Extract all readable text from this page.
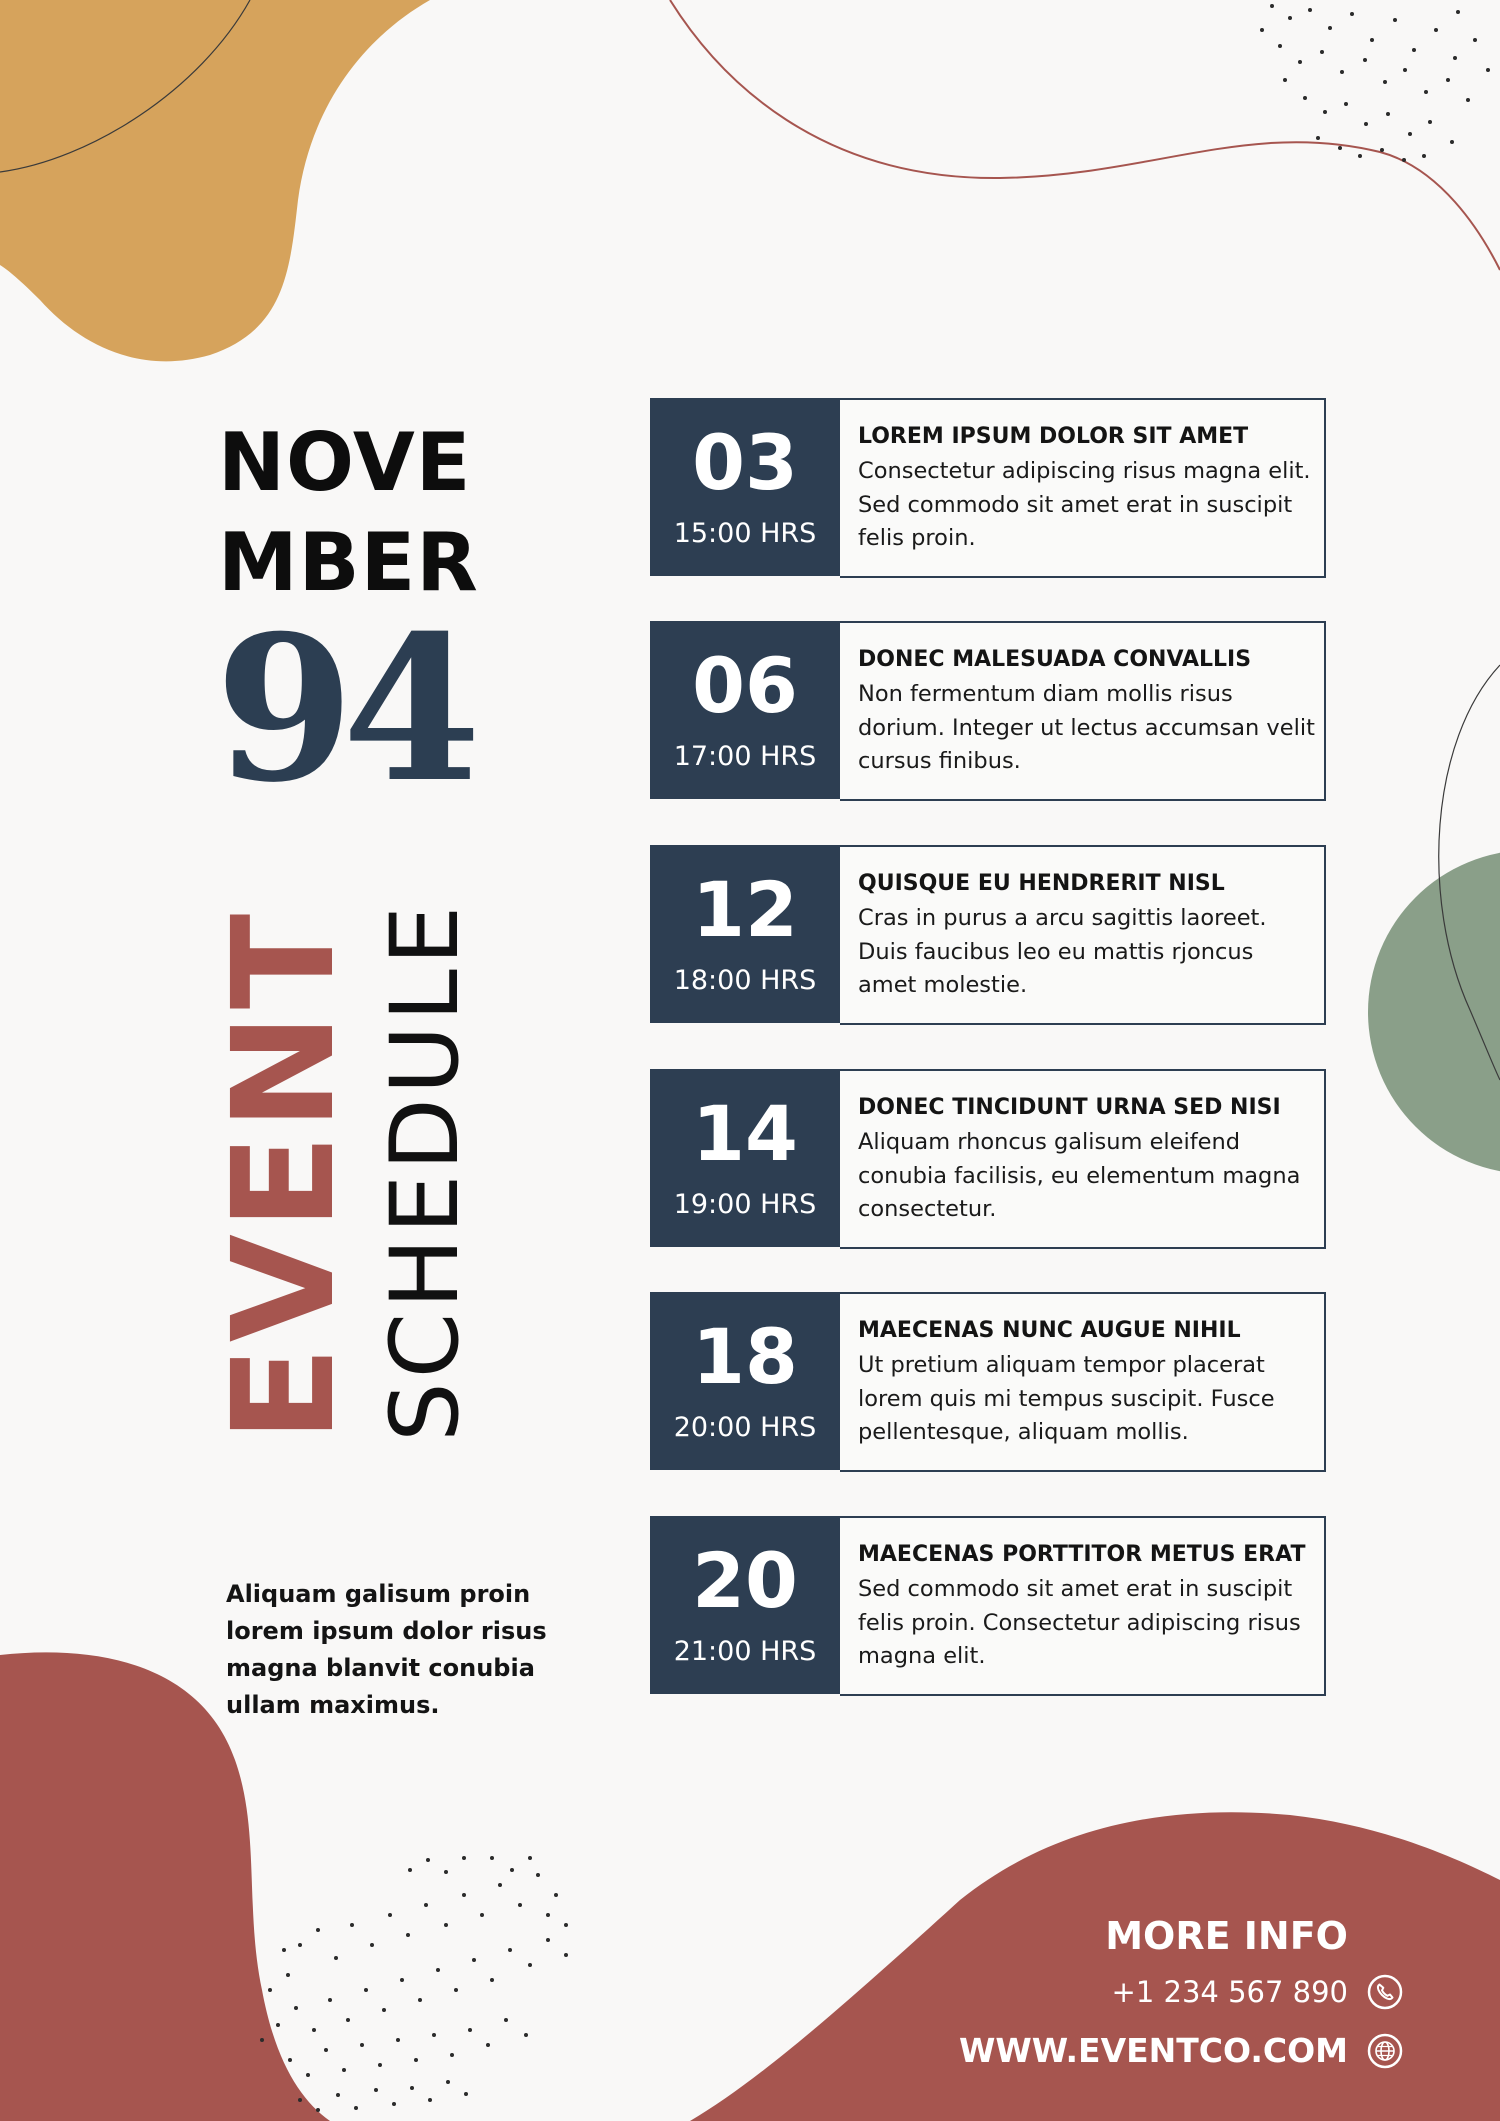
NOVE
MBER
94
EVENT SCHEDULE
Aliquam galisum proin lorem ipsum dolor risus magna blanvit conubia ullam maximus.
03
15:00 HRS
LOREM IPSUM DOLOR SIT AMET
Consectetur adipiscing risus magna elit. Sed commodo sit amet erat in suscipit felis proin.
06
17:00 HRS
DONEC MALESUADA CONVALLIS
Non fermentum diam mollis risus dorium. Integer ut lectus accumsan velit cursus finibus.
12
18:00 HRS
QUISQUE EU HENDRERIT NISL
Cras in purus a arcu sagittis laoreet. Duis faucibus leo eu mattis rjoncus amet molestie.
14
19:00 HRS
DONEC TINCIDUNT URNA SED NISI
Aliquam rhoncus galisum eleifend conubia facilisis, eu elementum magna consectetur.
18
20:00 HRS
MAECENAS NUNC AUGUE NIHIL
Ut pretium aliquam tempor placerat lorem quis mi tempus suscipit. Fusce pellentesque, aliquam mollis.
20
21:00 HRS
MAECENAS PORTTITOR METUS ERAT
Sed commodo sit amet erat in suscipit felis proin. Consectetur adipiscing risus magna elit.
MORE INFO
+1 234 567 890
WWW.EVENTCO.COM
